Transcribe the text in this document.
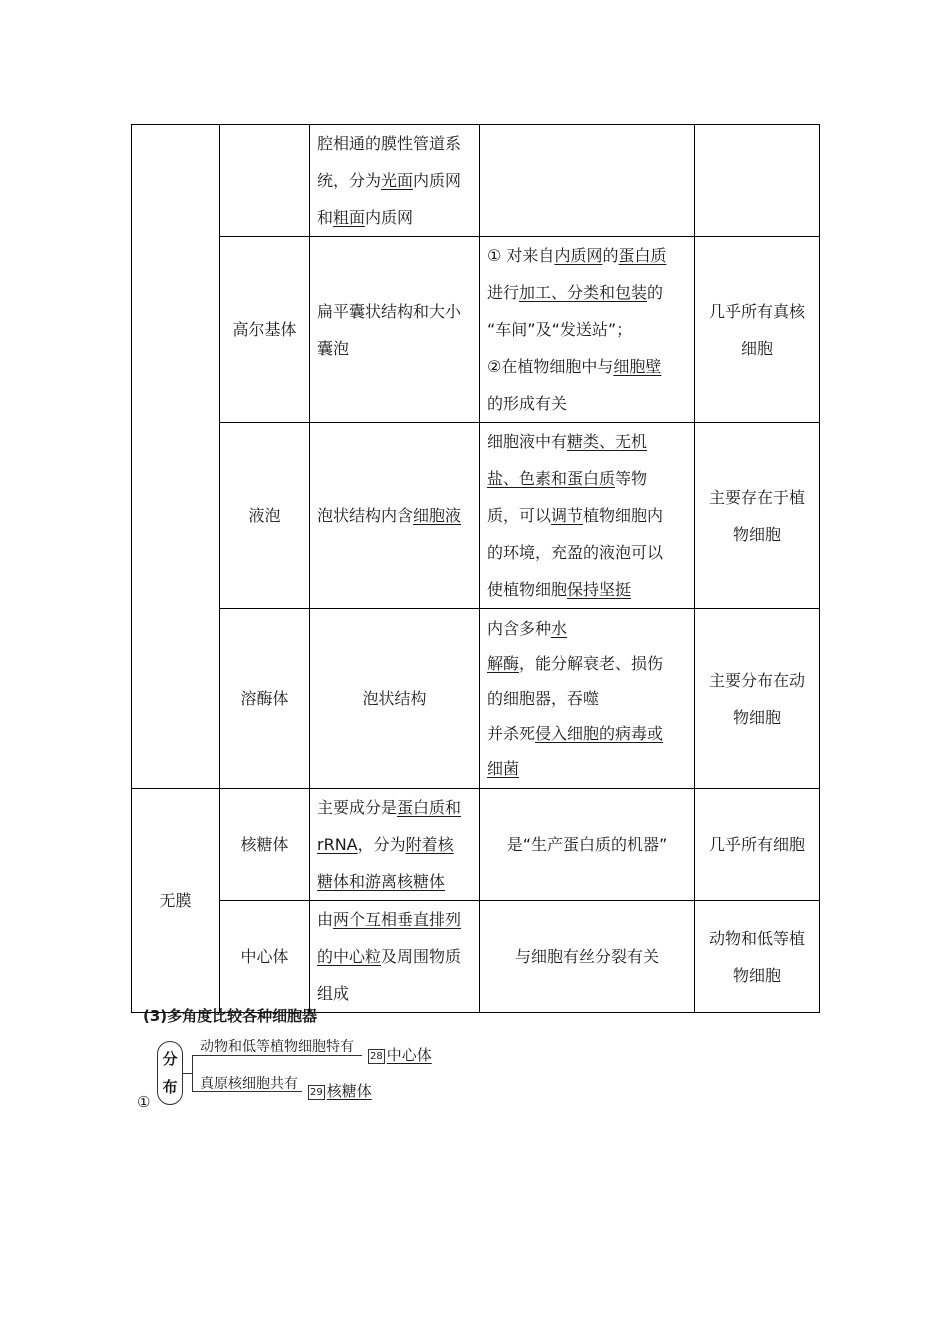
		腔相通的膜性管道系
统，分为光面内质网
和粗面内质网		

	高尔基体	扁平囊状结构和大小囊泡	① 对来自内质网的蛋白质
进行加工、分类和包装的
“车间”及“发送站”；
②在植物细胞中与细胞壁
的形成有关	几乎所有真核细胞
	液泡	泡状结构内含细胞液	细胞液中有糖类、无机
盐、色素和蛋白质等物
质，可以调节植物细胞内
的环境，充盈的液泡可以
使植物细胞保持坚挺	主要存在于植物细胞
	溶酶体	泡状结构	内含多种水
解酶，能分解衰老、损伤
的细胞器，吞噬
并杀死侵入细胞的病毒或
细菌	主要分布在动物细胞
无膜	核糖体	主要成分是蛋白质和
rRNA，分为附着核
糖体和游离核糖体	是“生产蛋白质的机器”	几乎所有细胞
	中心体	由两个互相垂直排列
的中心粒及周围物质
组成	与细胞有丝分裂有关	动物和低等植物细胞
(3)多角度比较各种细胞器
分
布
①
动物和低等植物细胞特有
28 中心体
真原核细胞共有
29 核糖体
